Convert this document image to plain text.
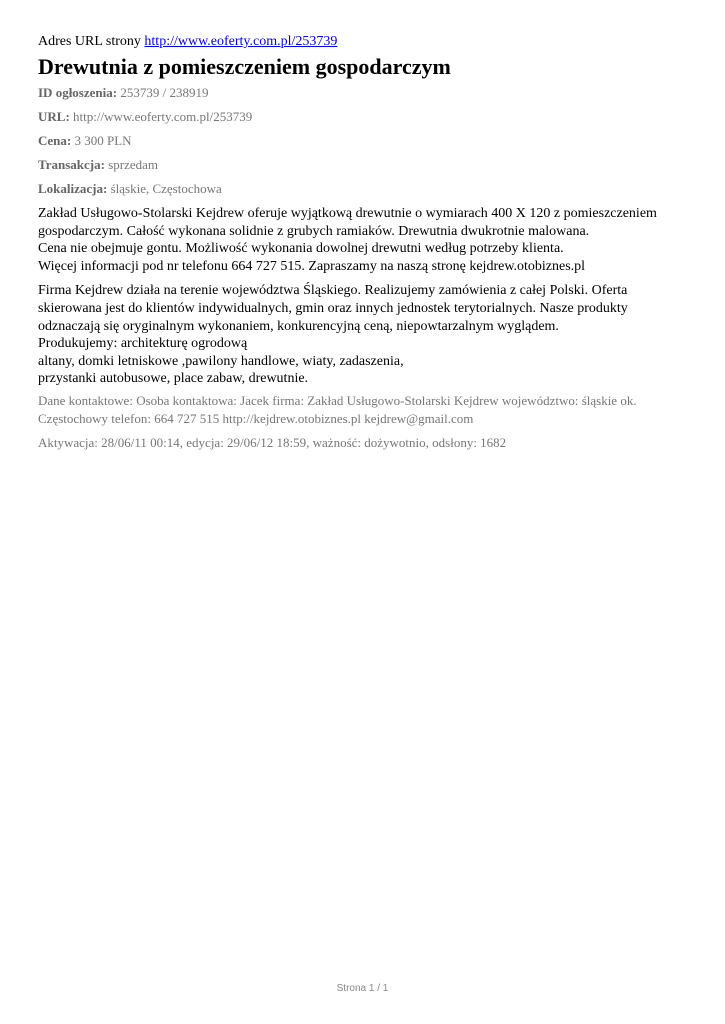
Adres URL strony http://www.eoferty.com.pl/253739
Drewutnia z pomieszczeniem gospodarczym
ID ogłoszenia: 253739 / 238919
URL: http://www.eoferty.com.pl/253739
Cena: 3 300 PLN
Transakcja: sprzedam
Lokalizacja: śląskie, Częstochowa
Zakład Usługowo-Stolarski Kejdrew oferuje wyjątkową drewutnie o wymiarach 400 X 120 z pomieszczeniem
gospodarczym. Całość wykonana solidnie z grubych ramiaków. Drewutnia dwukrotnie malowana.
Cena nie obejmuje gontu. Możliwość wykonania dowolnej drewutni według potrzeby klienta.
Więcej informacji pod nr telefonu 664 727 515. Zapraszamy na naszą stronę kejdrew.otobiznes.pl
Firma Kejdrew działa na terenie województwa Śląskiego. Realizujemy zamówienia z całej Polski. Oferta
skierowana jest do klientów indywidualnych, gmin oraz innych jednostek terytorialnych. Nasze produkty
odznaczają się oryginalnym wykonaniem, konkurencyjną ceną, niepowtarzalnym wyglądem.
Produkujemy: architekturę ogrodową
altany, domki letniskowe ,pawilony handlowe, wiaty, zadaszenia,
przystanki autobusowe, place zabaw, drewutnie.
Dane kontaktowe: Osoba kontaktowa: Jacek firma: Zakład Usługowo-Stolarski Kejdrew województwo: śląskie ok.
Częstochowy telefon: 664 727 515 http://kejdrew.otobiznes.pl kejdrew@gmail.com
Aktywacja: 28/06/11 00:14, edycja: 29/06/12 18:59, ważność: dożywotnio, odsłony: 1682
Strona 1 / 1
